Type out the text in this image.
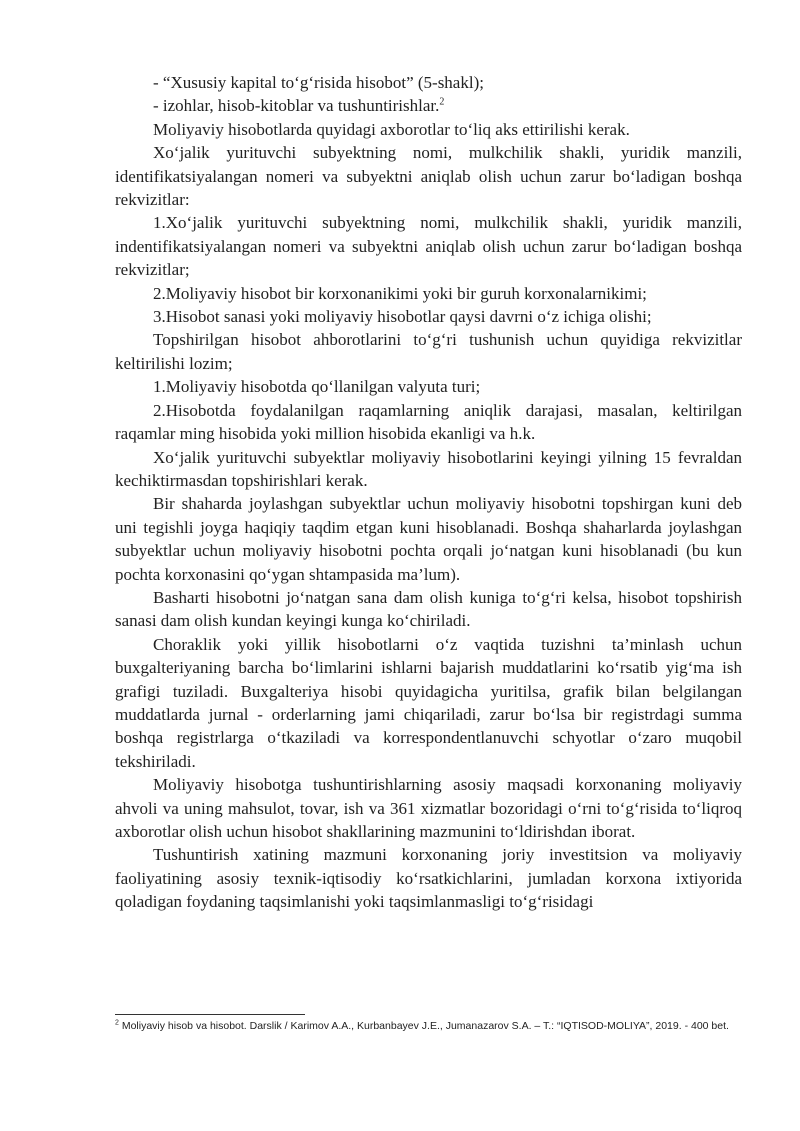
- “Xususiy kapital to‘g‘risida hisobot” (5-shakl);

- izohlar, hisob-kitoblar va tushuntirishlar.$^2$

Moliyaviy hisobotlarda quyidagi axborotlar to‘liq aks ettirilishi kerak.

Xo‘jalik yurituvchi subyektning nomi, mulkchilik shakli, yuridik manzili, identifikatsiyalangan nomeri va subyektni aniqlab olish uchun zarur bo‘ladigan boshqa rekvizitlar:

1.Xo‘jalik yurituvchi subyektning nomi, mulkchilik shakli, yuridik manzili, indentifikatsiyalangan nomeri va subyektni aniqlab olish uchun zarur bo‘ladigan boshqa rekvizitlar;

2.Moliyaviy hisobot bir korxonanikimi yoki bir guruh korxonalarnikimi;

3.Hisobot sanasi yoki moliyaviy hisobotlar qaysi davrni o‘z ichiga olishi;

Topshirilgan hisobot ahborotlarini to‘g‘ri tushunish uchun quyidiga rekvizitlar keltirilishi lozim;

1.Moliyaviy hisobotda qo‘llanilgan valyuta turi;

2.Hisobotda foydalanilgan raqamlarning aniqlik darajasi, masalan, keltirilgan raqamlar ming hisobida yoki million hisobida ekanligi va h.k.

Xo‘jalik yurituvchi subyektlar moliyaviy hisobotlarini keyingi yilning 15 fevraldan kechiktirmasdan topshirishlari kerak.

Bir shaharda joylashgan subyektlar uchun moliyaviy hisobotni topshirgan kuni deb uni tegishli joyga haqiqiy taqdim etgan kuni hisoblanadi. Boshqa shaharlarda joylashgan subyektlar uchun moliyaviy hisobotni pochta orqali jo‘natgan kuni hisoblanadi (bu kun pochta korxonasini qo‘ygan shtampasida ma’lum).

Basharti hisobotni jo‘natgan sana dam olish kuniga to‘g‘ri kelsa, hisobot topshirish sanasi dam olish kundan keyingi kunga ko‘chiriladi.

Choraklik yoki yillik hisobotlarni o‘z vaqtida tuzishni ta’minlash uchun buxgalteriyaning barcha bo‘limlarini ishlarni bajarish muddatlarini ko‘rsatib yig‘ma ish grafigi tuziladi. Buxgalteriya hisobi quyidagicha yuritilsa, grafik bilan belgilangan muddatlarda jurnal - orderlarning jami chiqariladi, zarur bo‘lsa bir registrdagi summa boshqa registrlarga o‘tkaziladi va korrespondentlanuvchi schyotlar o‘zaro muqobil tekshiriladi.

Moliyaviy hisobotga tushuntirishlarning asosiy maqsadi korxonaning moliyaviy ahvoli va uning mahsulot, tovar, ish va 361 xizmatlar bozoridagi o‘rni to‘g‘risida to‘liqroq axborotlar olish uchun hisobot shakllarining mazmunini to‘ldirishdan iborat.

Tushuntirish xatining mazmuni korxonaning joriy investitsion va moliyaviy faoliyatining asosiy texnik-iqtisodiy ko‘rsatkichlarini, jumladan korxona ixtiyorida qoladigan foydaning taqsimlanishi yoki taqsimlanmasligi to‘g‘risidagi

$^2$ Moliyaviy hisob va hisobot. Darslik / Karimov A.A., Kurbanbayev J.E., Jumanazarov S.A. – T.: “IQTISOD-MOLIYA”, 2019. - 400 bet.
